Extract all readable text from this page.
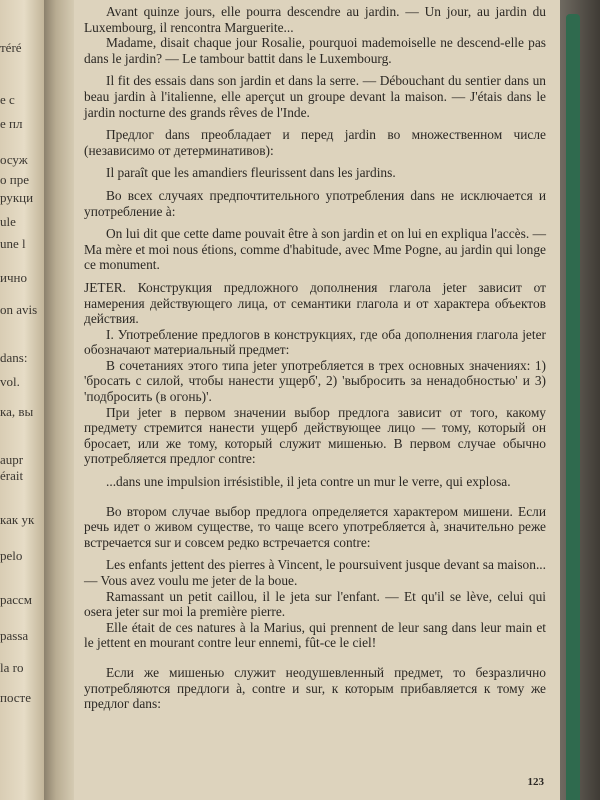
тéré
е с
е пл
осуж
о пре
рукци
ule
une l
ичнo
on avis
dans:
vol.
ка, вы
aupr
érait
как ук
pelo
рассм
passa
la ro
посте

Avant quinze jours, elle pourra descendre au jardin. — Un jour, au jardin du Luxembourg, il rencontra Marguerite...

Madame, disait chaque jour Rosalie, pourquoi mademoiselle ne descend-elle pas dans le jardin? — Le tambour battit dans le Luxembourg.

Il fit des essais dans son jardin et dans la serre. — Débouchant du sentier dans un beau jardin à l'italienne, elle aperçut un groupe devant la maison. — J'étais dans le jardin nocturne des grands rêves de l'Inde.

Предлог dans преобладает и перед jardin во множественном числе (независимо от детерминативов):

Il paraît que les amandiers fleurissent dans les jardins.

Во всех случаях предпочтительного употребления dans не исключается и употребление à:

On lui dit que cette dame pouvait être à son jardin et on lui en expliqua l'accès. — Ma mère et moi nous étions, comme d'habitude, avec Mme Pogne, au jardin qui longe ce monument.

JETER. Конструкция предложного дополнения глагола jeter зависит от намерения действующего лица, от семантики глагола и от характера объектов действия.

I. Употребление предлогов в конструкциях, где оба дополнения глагола jeter обозначают материальный предмет:

В сочетаниях этого типа jeter употребляется в трех основных значениях: 1) 'бросать с силой, чтобы нанести ущерб', 2) 'выбросить за ненадобностью' и 3) 'подбросить (в огонь)'.

При jeter в первом значении выбор предлога зависит от того, какому предмету стремится нанести ущерб действующее лицо — тому, который он бросает, или же тому, который служит мишенью. В первом случае обычно употребляется предлог contre:

...dans une impulsion irrésistible, il jeta contre un mur le verre, qui explosa.

Во втором случае выбор предлога определяется характером мишени. Если речь идет о живом существе, то чаще всего употребляется à, значительно реже встречается sur и совсем редко встречается contre:

Les enfants jettent des pierres à Vincent, le poursuivent jusque devant sa maison... — Vous avez voulu me jeter de la boue.

Ramassant un petit caillou, il le jeta sur l'enfant. — Et qu'il se lève, celui qui osera jeter sur moi la première pierre.

Elle était de ces natures à la Marius, qui prennent de leur sang dans leur main et le jettent en mourant contre leur ennemi, fût-ce le ciel!

Если же мишенью служит неодушевленный предмет, то безразлично употребляются предлоги à, contre и sur, к которым прибавляется к тому же предлог dans:

123
